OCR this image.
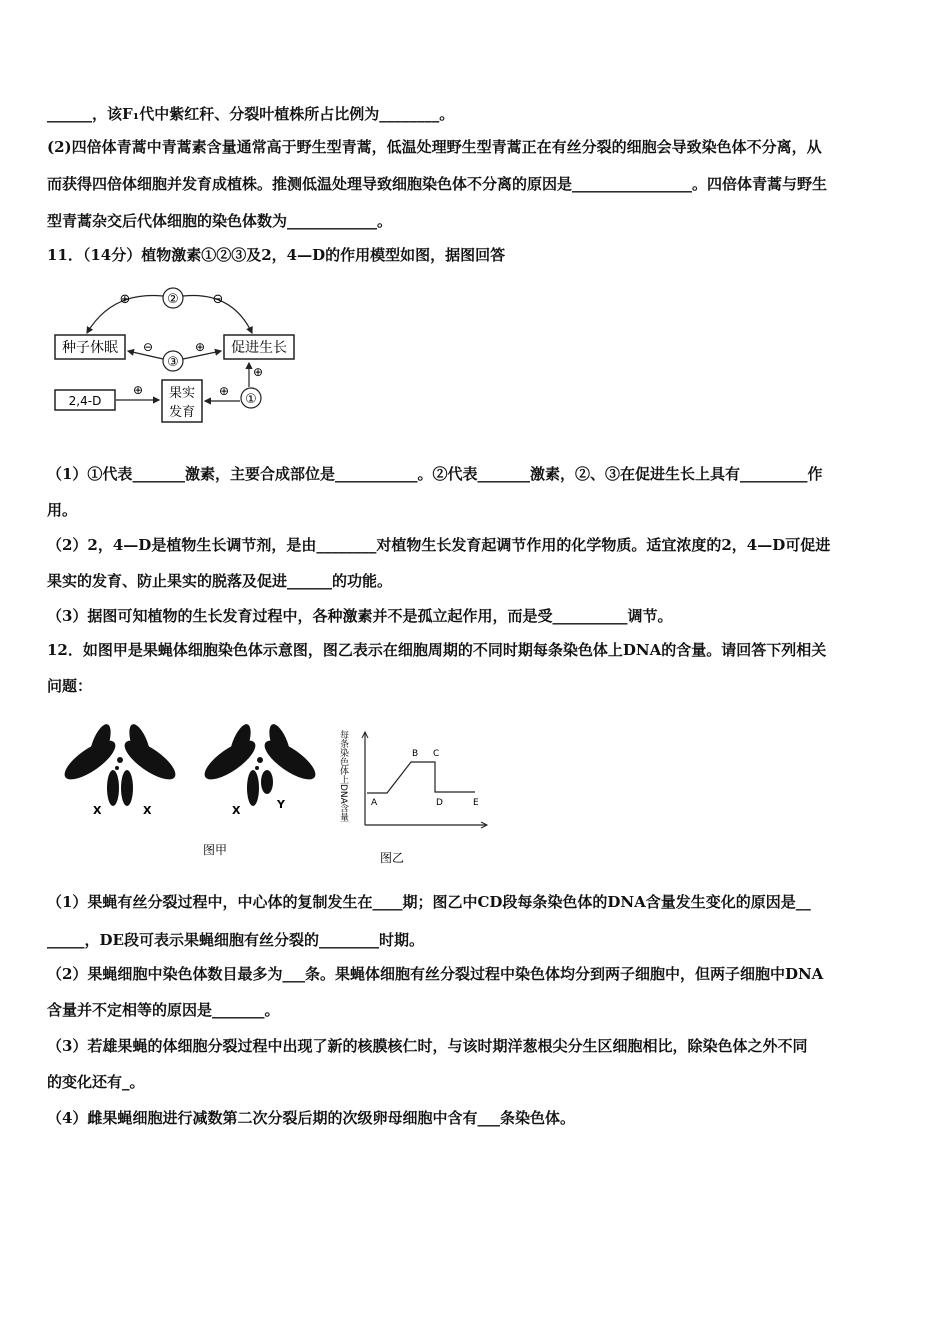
______，该F₁代中紫红秆、分裂叶植株所占比例为________。
(2)四倍体青蒿中青蒿素含量通常高于野生型青蒿，低温处理野生型青蒿正在有丝分裂的细胞会导致染色体不分离，从
而获得四倍体细胞并发育成植株。推测低温处理导致细胞染色体不分离的原因是________________。四倍体青蒿与野生
型青蒿杂交后代体细胞的染色体数为____________。
11．（14分）植物激素①②③及2，4—D的作用模型如图，据图回答
种子休眠	促进生长
2,4-D	果实
发育
②
⊕	⊖
③
⊖	⊕
①
⊕
⊕
⊕
（1）①代表_______激素，主要合成部位是___________。②代表_______激素，②、③在促进生长上具有_________作
用。
（2）2，4—D是植物生长调节剂，是由________对植物生长发育起调节作用的化学物质。适宜浓度的2，4—D可促进
果实的发育、防止果实的脱落及促进______的功能。
（3）据图可知植物的生长发育过程中，各种激素并不是孤立起作用，而是受__________调节。
12．如图甲是果蝇体细胞染色体示意图，图乙表示在细胞周期的不同时期每条染色体上DNA的含量。请回答下列相关
问题：
X	X	X	Y
图甲
每条染色体上DNA含量	A
B C
D	E
图乙
（1）果蝇有丝分裂过程中，中心体的复制发生在____期；图乙中CD段每条染色体的DNA含量发生变化的原因是__
_____，DE段可表示果蝇细胞有丝分裂的________时期。
（2）果蝇细胞中染色体数目最多为___条。果蝇体细胞有丝分裂过程中染色体均分到两子细胞中，但两子细胞中DNA
含量并不定相等的原因是_______。
（3）若雄果蝇的体细胞分裂过程中出现了新的核膜核仁时，与该时期洋葱根尖分生区细胞相比，除染色体之外不同
的变化还有_。
（4）雌果蝇细胞进行减数第二次分裂后期的次级卵母细胞中含有___条染色体。
